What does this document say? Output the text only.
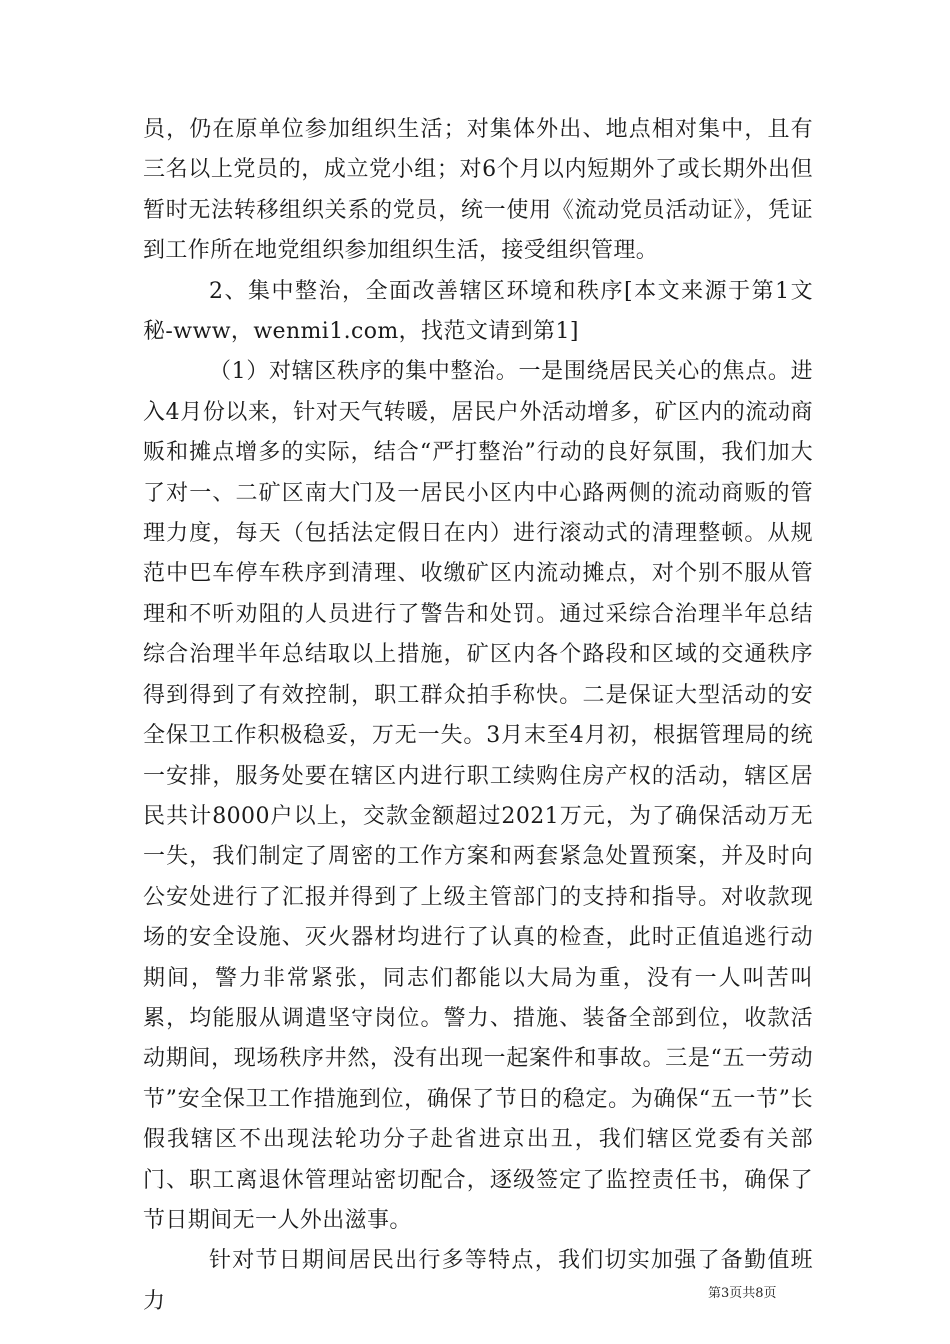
员，仍在原单位参加组织生活；对集体外出、地点相对集中，且有三名以上党员的，成立党小组；对6个月以内短期外了或长期外出但暂时无法转移组织关系的党员，统一使用《流动党员活动证》，凭证到工作所在地党组织参加组织生活，接受组织管理。

2、集中整治，全面改善辖区环境和秩序[本文来源于第1文秘-www，wenmi1.com，找范文请到第1]

（1）对辖区秩序的集中整治。一是围绕居民关心的焦点。进入4月份以来，针对天气转暖，居民户外活动增多，矿区内的流动商贩和摊点增多的实际，结合“严打整治”行动的良好氛围，我们加大了对一、二矿区南大门及一居民小区内中心路两侧的流动商贩的管理力度，每天（包括法定假日在内）进行滚动式的清理整顿。从规范中巴车停车秩序到清理、收缴矿区内流动摊点，对个别不服从管理和不听劝阻的人员进行了警告和处罚。通过采综合治理半年总结综合治理半年总结取以上措施，矿区内各个路段和区域的交通秩序得到得到了有效控制，职工群众拍手称快。二是保证大型活动的安全保卫工作积极稳妥，万无一失。3月末至4月初，根据管理局的统一安排，服务处要在辖区内进行职工续购住房产权的活动，辖区居民共计8000户以上，交款金额超过2021万元，为了确保活动万无一失，我们制定了周密的工作方案和两套紧急处置预案，并及时向公安处进行了汇报并得到了上级主管部门的支持和指导。对收款现场的安全设施、灭火器材均进行了认真的检查，此时正值追逃行动期间，警力非常紧张，同志们都能以大局为重，没有一人叫苦叫累，均能服从调遣坚守岗位。警力、措施、装备全部到位，收款活动期间，现场秩序井然，没有出现一起案件和事故。三是“五一劳动节”安全保卫工作措施到位，确保了节日的稳定。为确保“五一节”长假我辖区不出现法轮功分子赴省进京出丑，我们辖区党委有关部门、职工离退休管理站密切配合，逐级签定了监控责任书，确保了节日期间无一人外出滋事。

针对节日期间居民出行多等特点，我们切实加强了备勤值班力	第3页共8页
